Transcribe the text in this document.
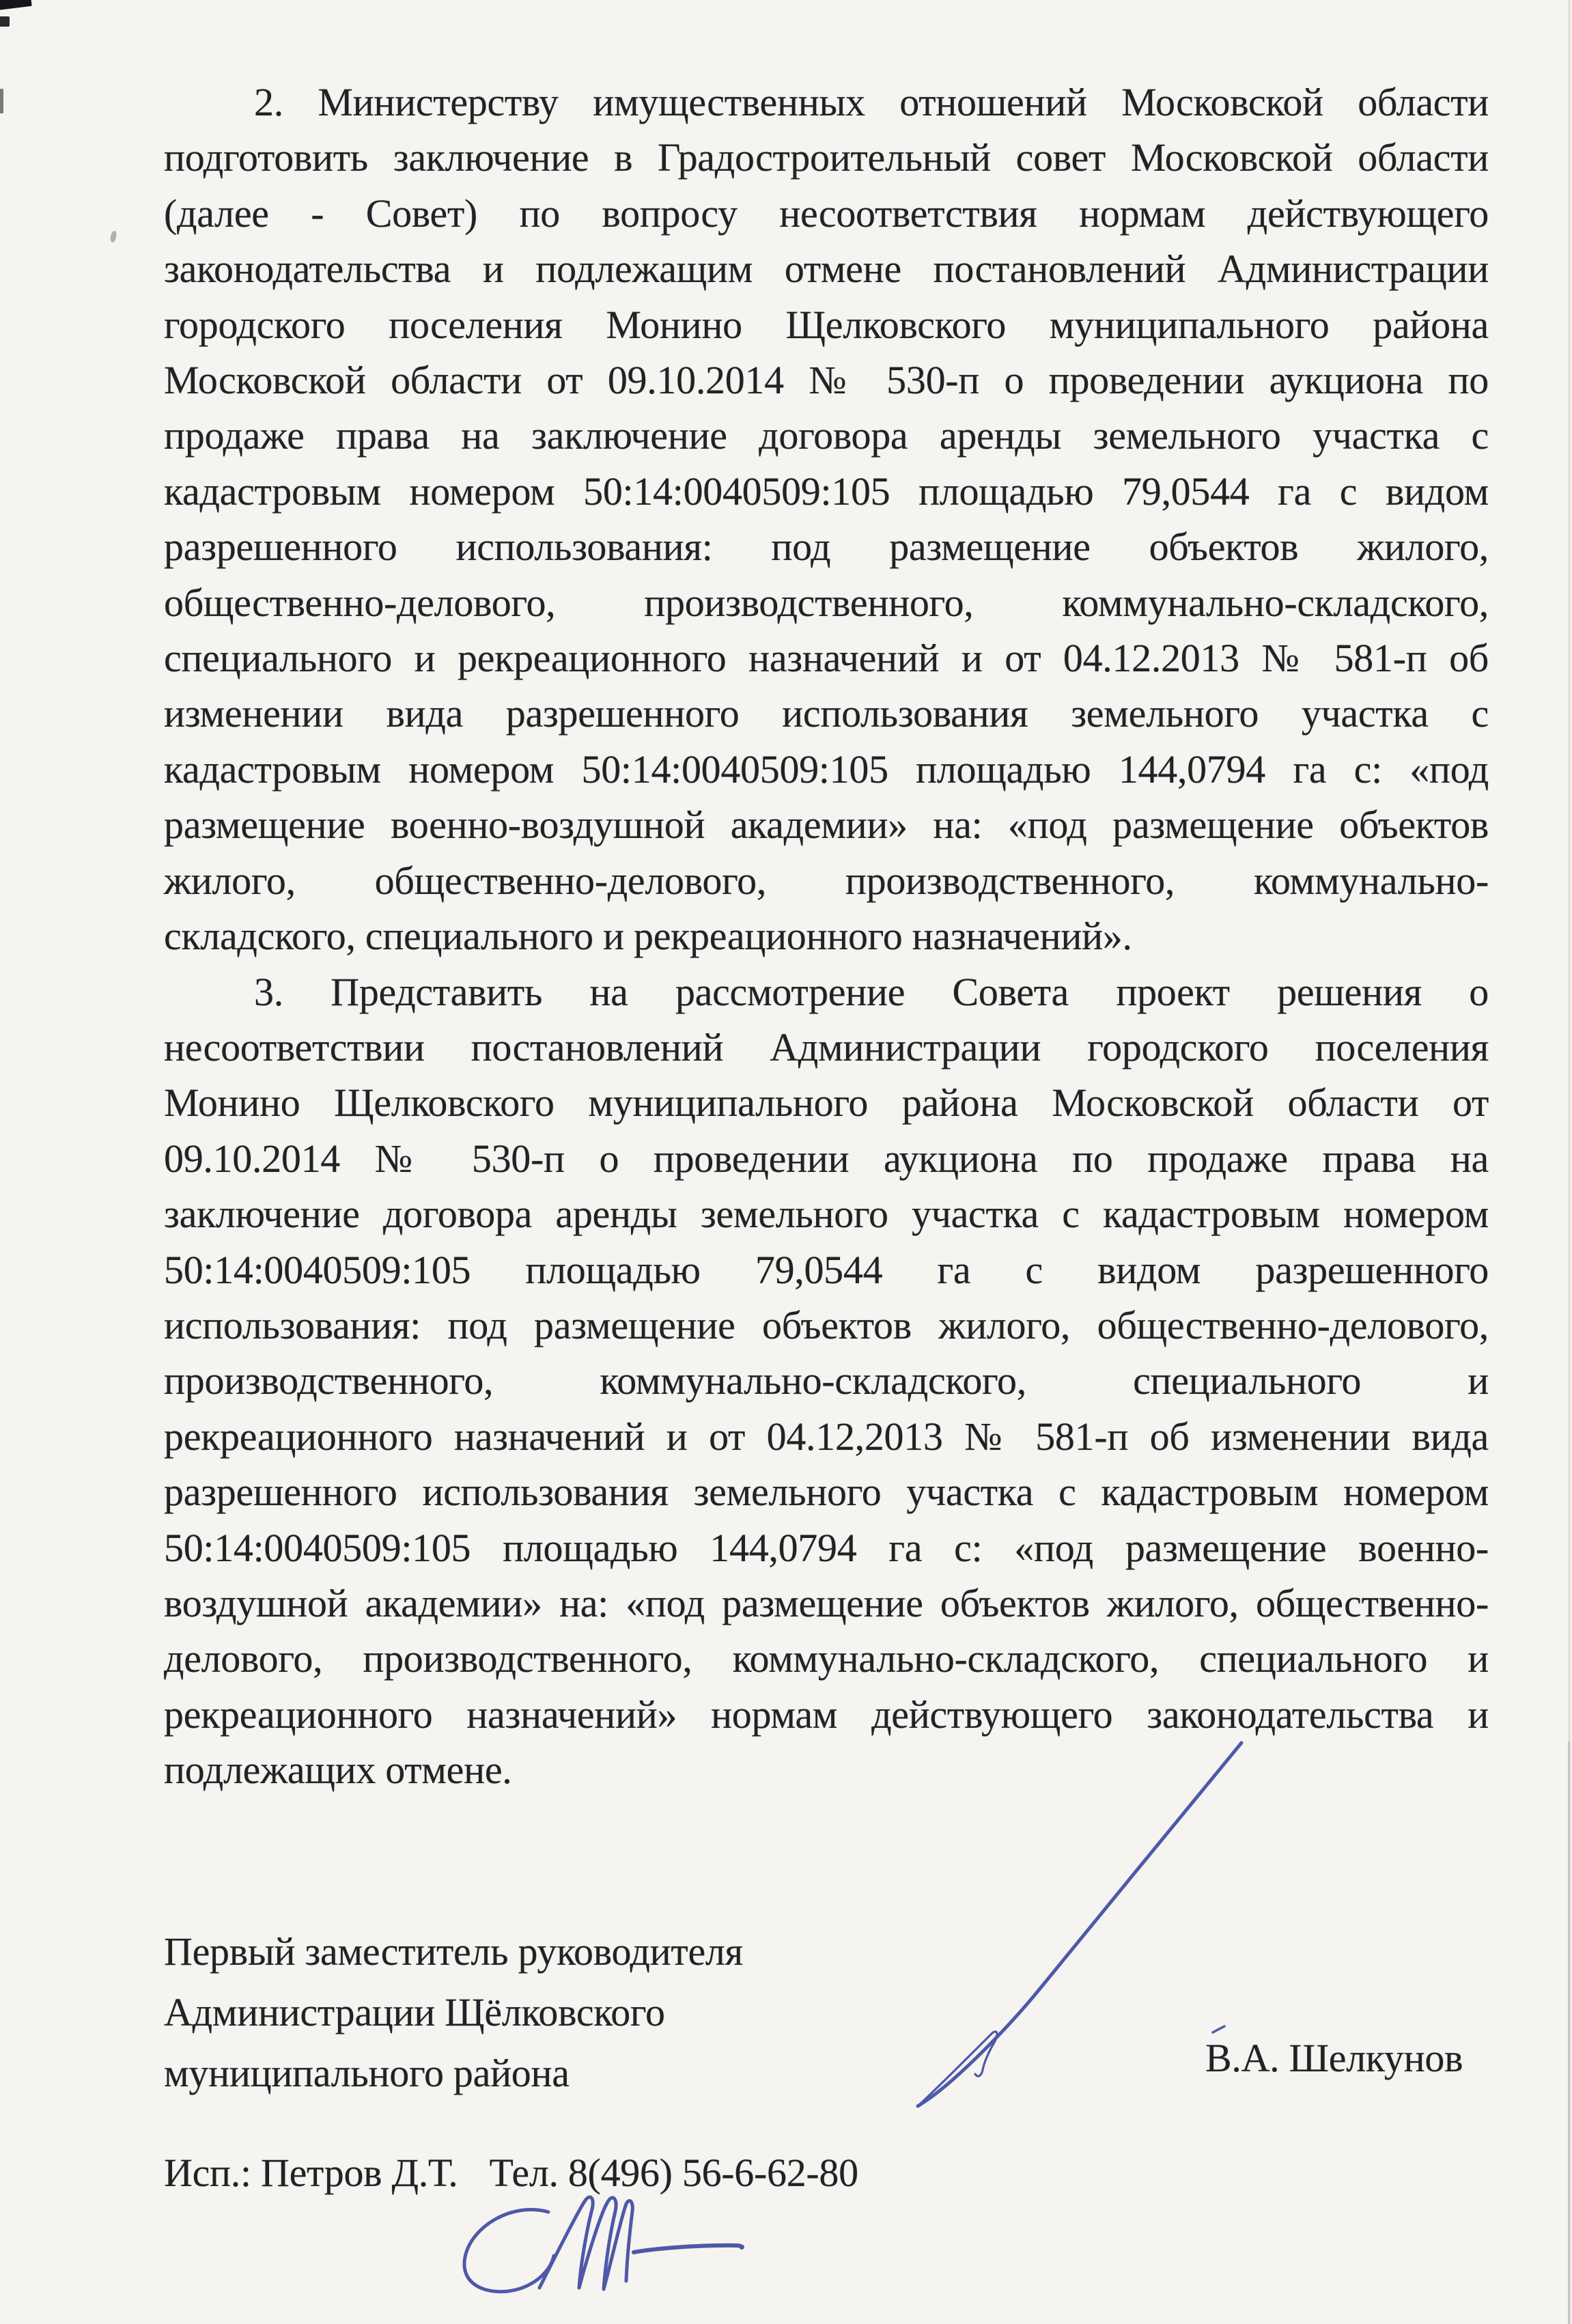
2. Министерству имущественных отношений Московской области
подготовить заключение в Градостроительный совет Московской области
(далее - Совет) по вопросу несоответствия нормам действующего
законодательства и подлежащим отмене постановлений Администрации
городского поселения Монино Щелковского муниципального района
Московской области от 09.10.2014 № 530-п о проведении аукциона по
продаже права на заключение договора аренды земельного участка с
кадастровым номером 50:14:0040509:105 площадью 79,0544 га с видом
разрешенного использования: под размещение объектов жилого,
общественно-делового, производственного, коммунально-складского,
специального и рекреационного назначений и от 04.12.2013 № 581-п об
изменении вида разрешенного использования земельного участка с
кадастровым номером 50:14:0040509:105 площадью 144,0794 га с: «под
размещение военно-воздушной академии» на: «под размещение объектов
жилого, общественно-делового, производственного, коммунально-
складского, специального и рекреационного назначений».
3. Представить на рассмотрение Совета проект решения о
несоответствии постановлений Администрации городского поселения
Монино Щелковского муниципального района Московской области от
09.10.2014 № 530-п о проведении аукциона по продаже права на
заключение договора аренды земельного участка с кадастровым номером
50:14:0040509:105 площадью 79,0544 га с видом разрешенного
использования: под размещение объектов жилого, общественно-делового,
производственного, коммунально-складского, специального и
рекреационного назначений и от 04.12,2013 № 581-п об изменении вида
разрешенного использования земельного участка с кадастровым номером
50:14:0040509:105 площадью 144,0794 га с: «под размещение военно-
воздушной академии» на: «под размещение объектов жилого, общественно-
делового, производственного, коммунально-складского, специального и
рекреационного назначений» нормам действующего законодательства и
подлежащих отмене.
Первый заместитель руководителя
Администрации Щёлковского
муниципального района	В.А. Шелкунов
Исп.: Петров Д.Т. Тел. 8(496) 56-6-62-80
